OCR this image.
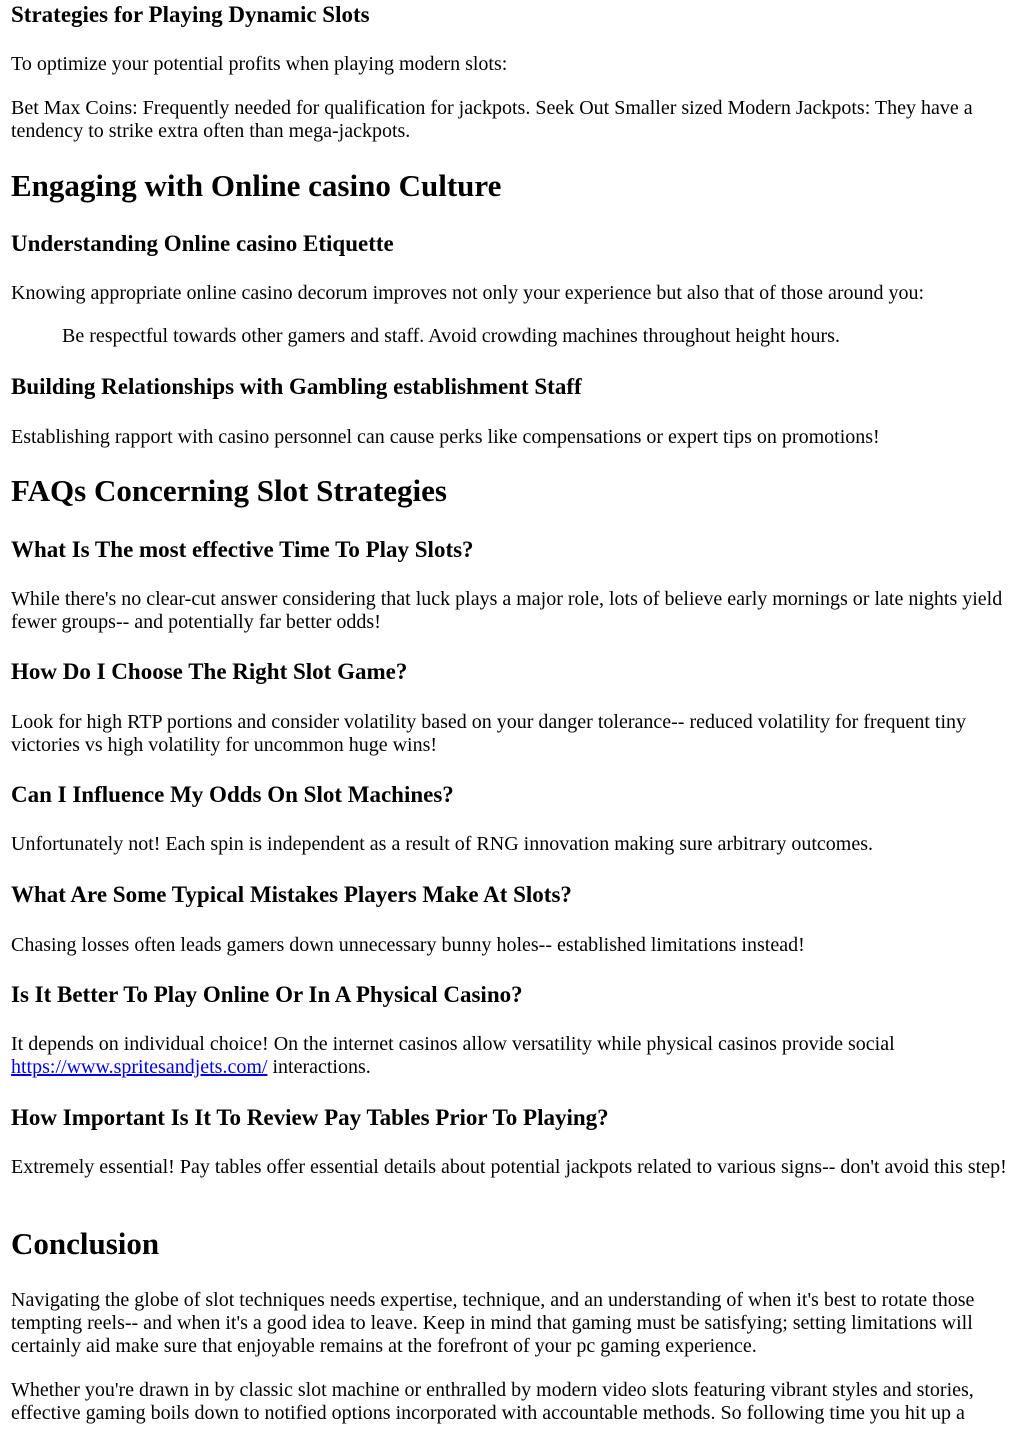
Strategies for Playing Dynamic Slots

To optimize your potential profits when playing modern slots:

Bet Max Coins: Frequently needed for qualification for jackpots. Seek Out Smaller sized Modern Jackpots: They have a tendency to strike extra often than mega-jackpots.

Engaging with Online casino Culture
Understanding Online casino Etiquette

Knowing appropriate online casino decorum improves not only your experience but also that of those around you:

Be respectful towards other gamers and staff. Avoid crowding machines throughout height hours.
Building Relationships with Gambling establishment Staff

Establishing rapport with casino personnel can cause perks like compensations or expert tips on promotions!

FAQs Concerning Slot Strategies
What Is The most effective Time To Play Slots?

While there's no clear-cut answer considering that luck plays a major role, lots of believe early mornings or late nights yield fewer groups-- and potentially far better odds!

How Do I Choose The Right Slot Game?

Look for high RTP portions and consider volatility based on your danger tolerance-- reduced volatility for frequent tiny victories vs high volatility for uncommon huge wins!

Can I Influence My Odds On Slot Machines?

Unfortunately not! Each spin is independent as a result of RNG innovation making sure arbitrary outcomes.

What Are Some Typical Mistakes Players Make At Slots?

Chasing losses often leads gamers down unnecessary bunny holes-- established limitations instead!

Is It Better To Play Online Or In A Physical Casino?

It depends on individual choice! On the internet casinos allow versatility while physical casinos provide social
https://www.spritesandjets.com/ interactions.

How Important Is It To Review Pay Tables Prior To Playing?

Extremely essential! Pay tables offer essential details about potential jackpots related to various signs-- don't avoid this step!

Conclusion

Navigating the globe of slot techniques needs expertise, technique, and an understanding of when it's best to rotate those tempting reels-- and when it's a good idea to leave. Keep in mind that gaming must be satisfying; setting limitations will certainly aid make sure that enjoyable remains at the forefront of your pc gaming experience.

Whether you're drawn in by classic slot machine or enthralled by modern video slots featuring vibrant styles and stories, effective gaming boils down to notified options incorporated with accountable methods. So following time you hit up a
